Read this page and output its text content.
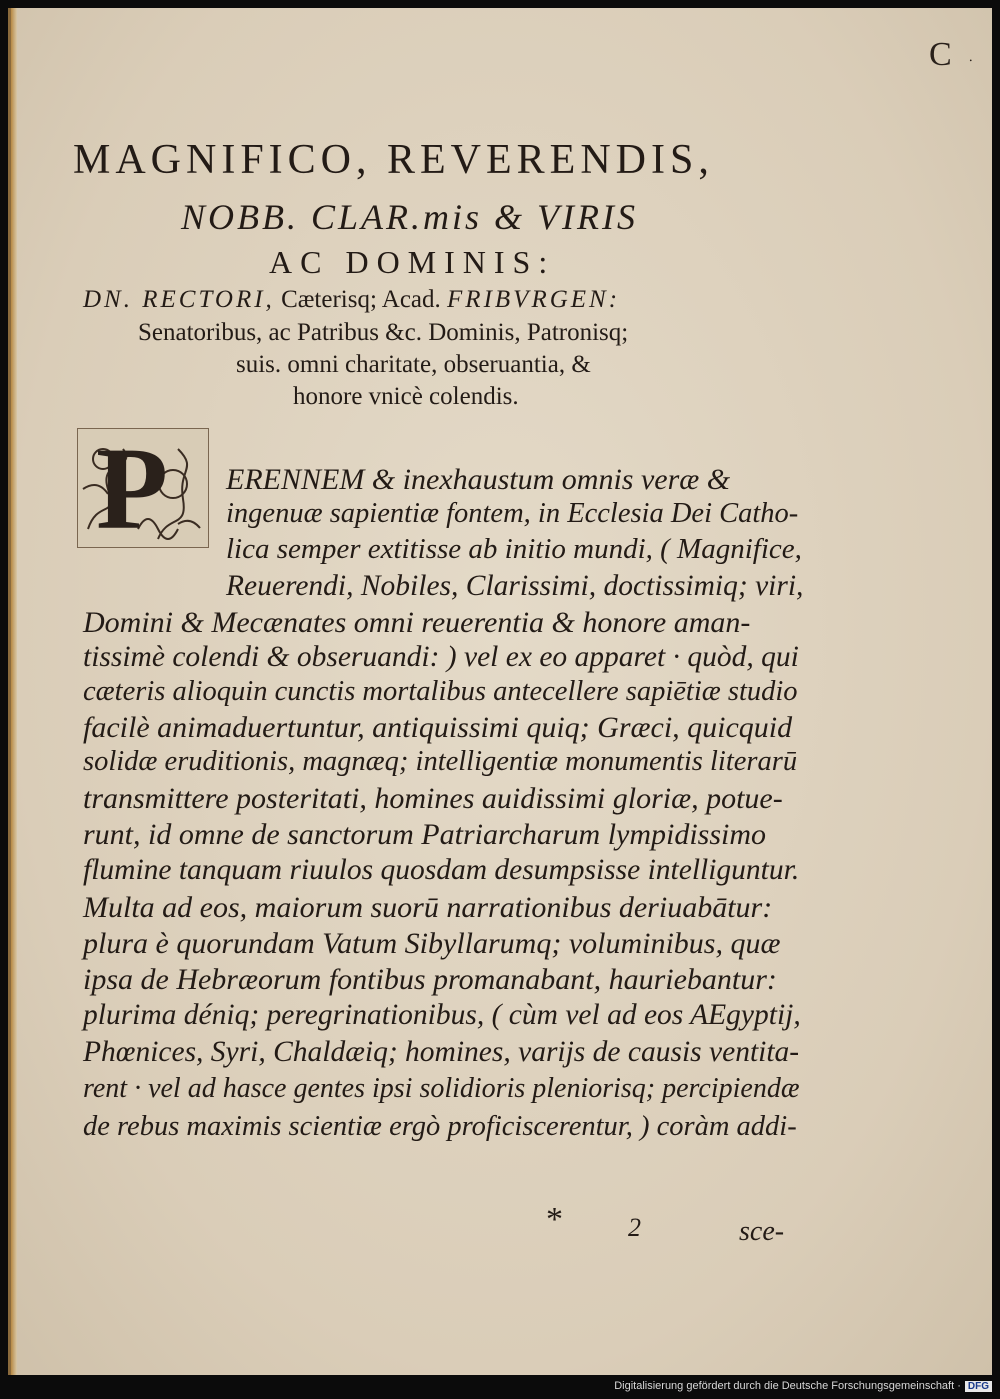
C ∙
MAGNIFICO, REVERENDIS,
NOBB. CLAR.mis & VIRIS
AC DOMINIS:
DN. RECTORI, Cæterisq; Acad. FRIBVRGEN:
Senatoribus, ac Patribus &c. Dominis, Patronisq;
suis. omni charitate, obseruantia, &
honore vnicè colendis.
P ERENNEM & inexhaustum omnis veræ &
ingenuæ sapientiæ fontem, in Ecclesia Dei Catho-
lica semper extitisse ab initio mundi, ( Magnifice,
Reuerendi, Nobiles, Clarissimi, doctissimiq; viri,
Domini & Mecænates omni reuerentia & honore aman-
tissimè colendi & obseruandi: ) vel ex eo apparet · quòd, qui
cæteris alioquin cunctis mortalibus antecellere sapiētiæ studio
facilè animaduertuntur, antiquissimi quiq; Græci, quicquid
solidæ eruditionis, magnæq; intelligentiæ monumentis literarū
transmittere posteritati, homines auidissimi gloriæ, potue-
runt, id omne de sanctorum Patriarcharum lympidissimo
flumine tanquam riuulos quosdam desumpsisse intelliguntur.
Multa ad eos, maiorum suorū narrationibus deriuabātur:
plura è quorundam Vatum Sibyllarumq; voluminibus, quæ
ipsa de Hebræorum fontibus promanabant, hauriebantur:
plurima déniq; peregrinationibus, ( cùm vel ad eos AEgyptij,
Phœnices, Syri, Chaldæiq; homines, varijs de causis ventita-
rent · vel ad hasce gentes ipsi solidioris pleniorisq; percipiendæ
de rebus maximis scientiæ ergò proficiscerentur, ) coràm addi-
*	2	sce-
Digitalisierung gefördert durch die Deutsche Forschungsgemeinschaft · DFG
